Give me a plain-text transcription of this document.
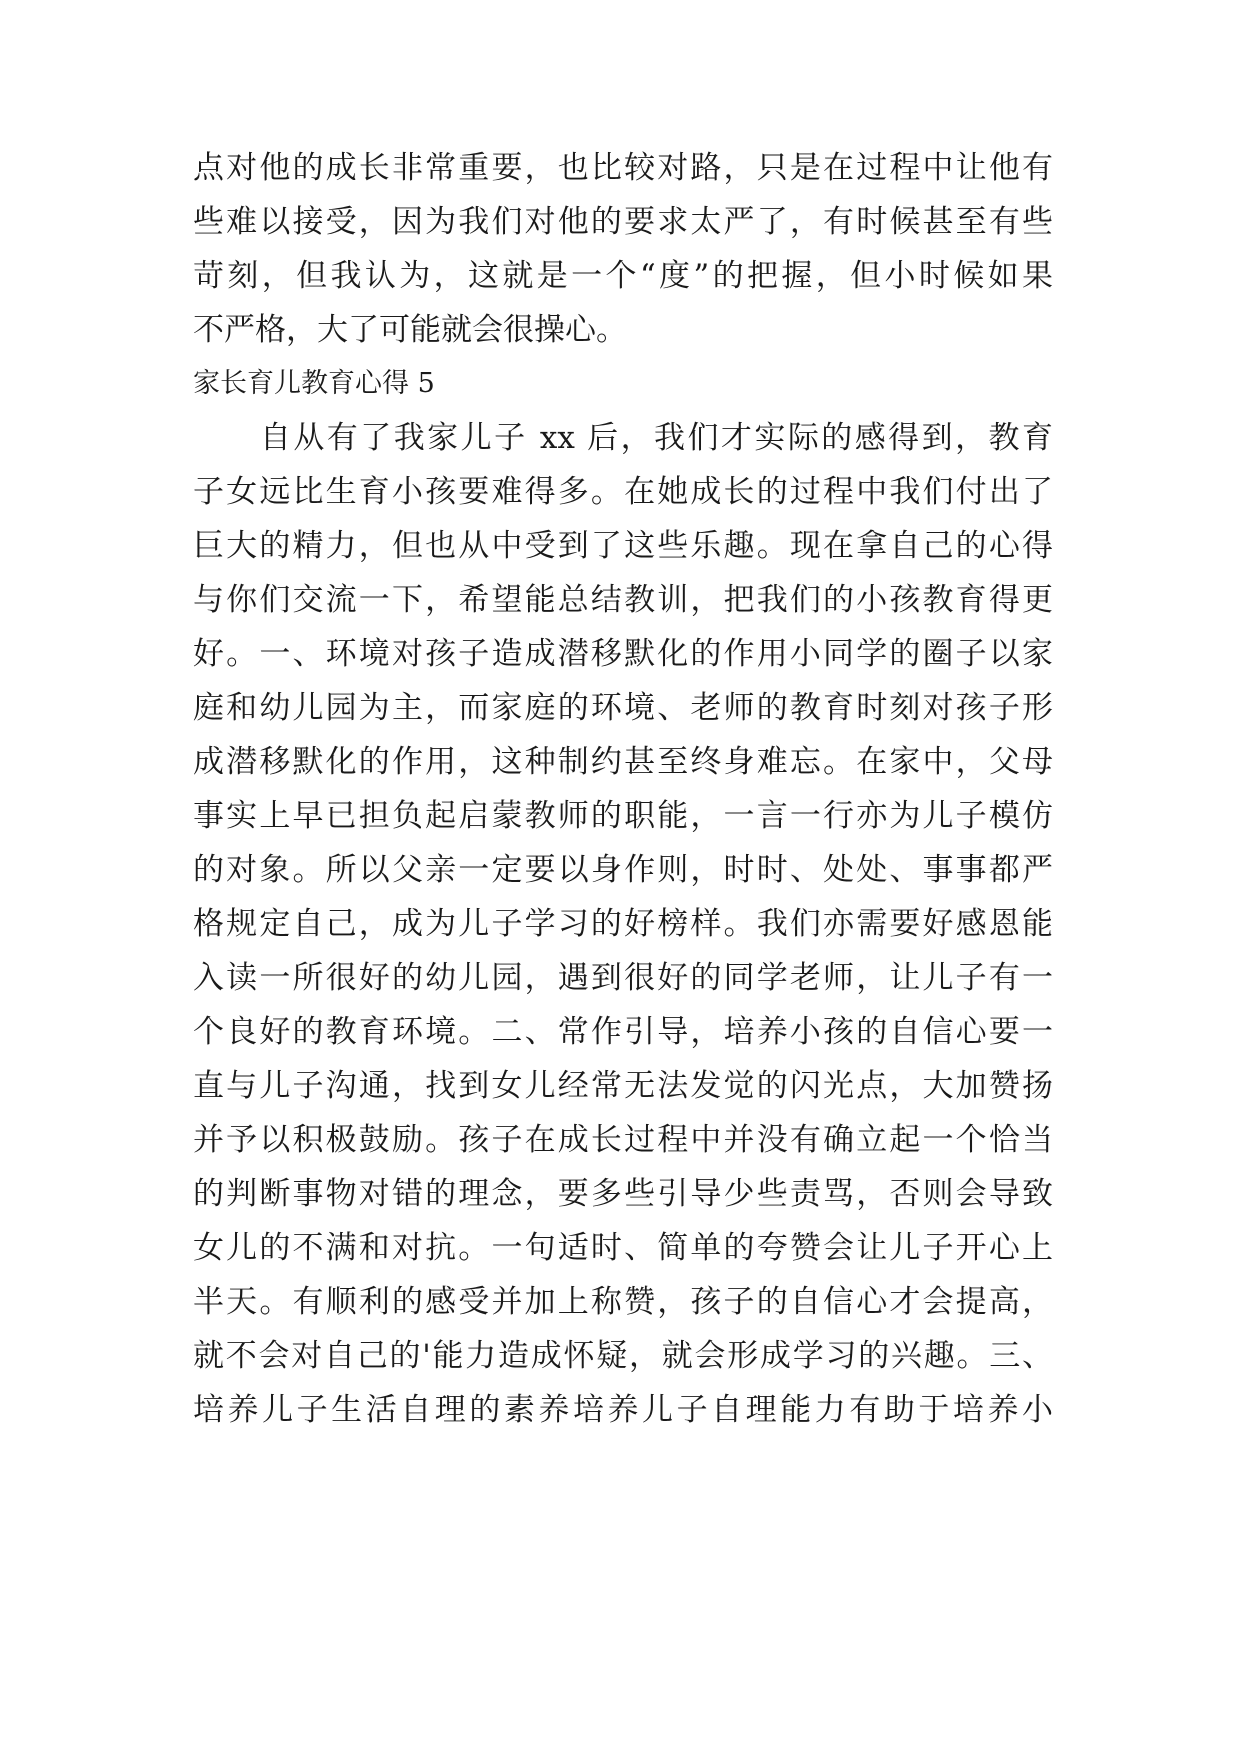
点对他的成长非常重要，也比较对路，只是在过程中让他有
些难以接受，因为我们对他的要求太严了，有时候甚至有些
苛刻，但我认为，这就是一个“度”的把握，但小时候如果
不严格，大了可能就会很操心。
家长育儿教育心得 5
　　自从有了我家儿子 xx 后，我们才实际的感得到，教育
子女远比生育小孩要难得多。在她成长的过程中我们付出了
巨大的精力，但也从中受到了这些乐趣。现在拿自己的心得
与你们交流一下，希望能总结教训，把我们的小孩教育得更
好。一、环境对孩子造成潜移默化的作用小同学的圈子以家
庭和幼儿园为主，而家庭的环境、老师的教育时刻对孩子形
成潜移默化的作用，这种制约甚至终身难忘。在家中，父母
事实上早已担负起启蒙教师的职能，一言一行亦为儿子模仿
的对象。所以父亲一定要以身作则，时时、处处、事事都严
格规定自己，成为儿子学习的好榜样。我们亦需要好感恩能
入读一所很好的幼儿园，遇到很好的同学老师，让儿子有一
个良好的教育环境。二、常作引导，培养小孩的自信心要一
直与儿子沟通，找到女儿经常无法发觉的闪光点，大加赞扬
并予以积极鼓励。孩子在成长过程中并没有确立起一个恰当
的判断事物对错的理念，要多些引导少些责骂，否则会导致
女儿的不满和对抗。一句适时、简单的夸赞会让儿子开心上
半天。有顺利的感受并加上称赞，孩子的自信心才会提高，
就不会对自己的'能力造成怀疑，就会形成学习的兴趣。三、
培养儿子生活自理的素养培养儿子自理能力有助于培养小
